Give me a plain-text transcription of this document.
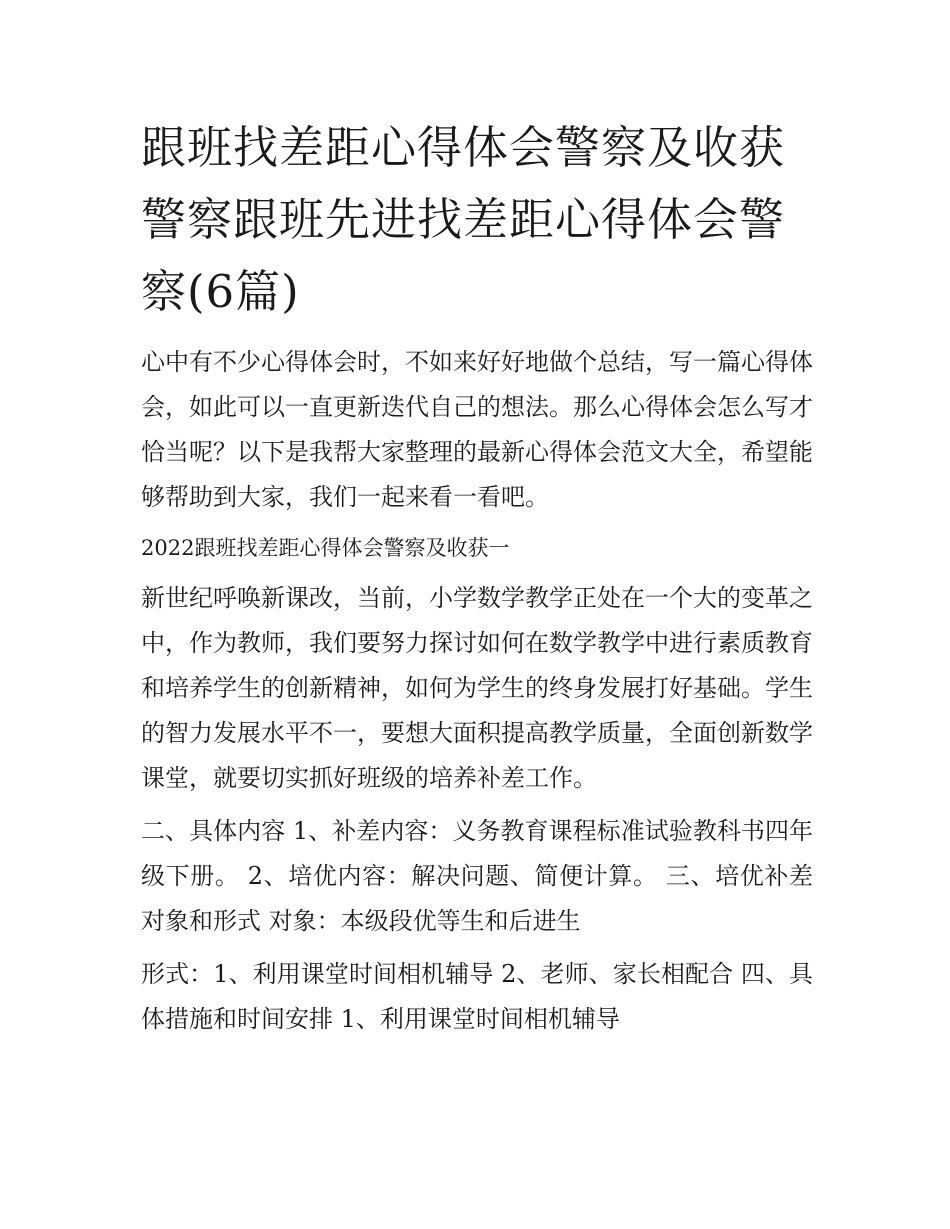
跟班找差距心得体会警察及收获 警察跟班先进找差距心得体会警察(6篇)

心中有不少心得体会时，不如来好好地做个总结，写一篇心得体会，如此可以一直更新迭代自己的想法。那么心得体会怎么写才恰当呢？以下是我帮大家整理的最新心得体会范文大全，希望能够帮助到大家，我们一起来看一看吧。

2022跟班找差距心得体会警察及收获一

新世纪呼唤新课改，当前，小学数学教学正处在一个大的变革之中，作为教师，我们要努力探讨如何在数学教学中进行素质教育和培养学生的创新精神，如何为学生的终身发展打好基础。学生的智力发展水平不一，要想大面积提高教学质量，全面创新数学课堂，就要切实抓好班级的培养补差工作。

二、具体内容 1、补差内容：义务教育课程标准试验教科书四年级下册。 2、培优内容：解决问题、简便计算。 三、培优补差对象和形式 对象：本级段优等生和后进生

形式：1、利用课堂时间相机辅导 2、老师、家长相配合 四、具体措施和时间安排 1、利用课堂时间相机辅导
